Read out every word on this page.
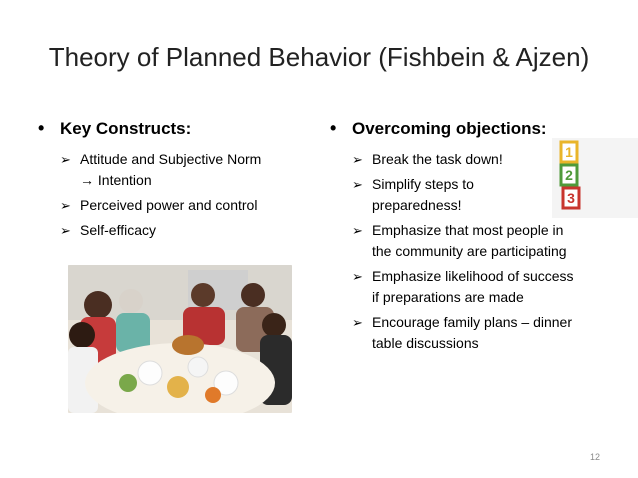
Theory of Planned Behavior (Fishbein & Ajzen)
• Key Constructs:
➢ Attitude and Subjective Norm
→ Intention
➢ Perceived power and control
➢ Self-efficacy
• Overcoming objections:
➢ Break the task down!
➢ Simplify steps to preparedness!
➢ Emphasize that most people in the community are participating
➢ Emphasize likelihood of success if preparations are made
➢ Encourage family plans – dinner table discussions
1
2
3
12
